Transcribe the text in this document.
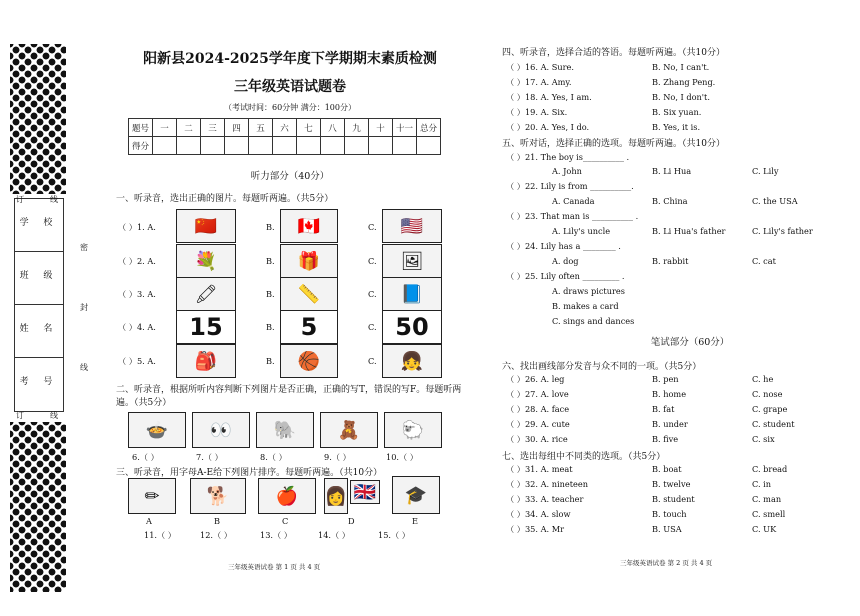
学 校
班 级
姓 名
考 号
订	线
密
封
线
订	线
阳新县2024-2025学年度下学期期末素质检测
三年级英语试题卷
（考试时间：60分钟 满分：100分）
题号	一	二	三	四	五	六	七	八	九	十	十一	总分
得分												
听力部分（40分）
一、听录音，选出正确的图片。每题听两遍。（共5分）
（ ）1. A.	🇨🇳	B.	🇨🇦	C.	🇺🇸
（ ）2. A.	💐	B.	🎁	C.	🖼
（ ）3. A.	🖍	B.	📏	C.	📘
（ ）4. A.	15	B.	5	C. 50
（ ）5. A.	🎒	B.	🏀	C.	👧
二、听录音，根据所听内容判断下列图片是否正确，正确的写T，错误的写F。每题听两遍。（共5分）
🍲	👀	🐘	🧸	🐑
6.（ ）	7.（ ）	8.（ ）	9.（ ）	10.（ ）
三、听录音，用字母A-E给下列图片排序。每题听两遍。（共10分）
✏	🐕	🍎	👩 🇬🇧	🎓
A	B	C	D	E
11.（ ）	12.（ ）	13.（ ）	14.（ ）	15.（ ）
三年级英语试卷 第 1 页 共 4 页
四、听录音，选择合适的答语。每题听两遍。（共10分）
（ ）16. A. Sure.	B. No, I can't.
（ ）17. A. Amy.	B. Zhang Peng.
（ ）18. A. Yes, I am.	B. No, I don't.
（ ）19. A. Six.	B. Six yuan.
（ ）20. A. Yes, I do.	B. Yes, it is.
五、听对话，选择正确的选项。每题听两遍。（共10分）
（ ）21. The boy is__________ .
A. John	B. Li Hua	C. Lily
（ ）22. Lily is from __________.
A. Canada	B. China	C. the USA
（ ）23. That man is __________ .
A. Lily's uncle	B. Li Hua's father	C. Lily's father
（ ）24. Lily has a ________ .
A. dog	B. rabbit	C. cat
（ ）25. Lily often _________ .
A. draws pictures
B. makes a card
C. sings and dances
笔试部分（60分）
六、找出画线部分发音与众不同的一项。（共5分）
（ ）26. A. leg	B. pen	C. he
（ ）27. A. love	B. home	C. nose
（ ）28. A. face	B. fat	C. grape
（ ）29. A. cute	B. under	C. student
（ ）30. A. rice	B. five	C. six
七、选出每组中不同类的选项。（共5分）
（ ）31. A. meat	B. boat	C. bread
（ ）32. A. nineteen	B. twelve	C. in
（ ）33. A. teacher	B. student	C. man
（ ）34. A. slow	B. touch	C. smell
（ ）35. A. Mr	B. USA	C. UK
三年级英语试卷 第 2 页 共 4 页
